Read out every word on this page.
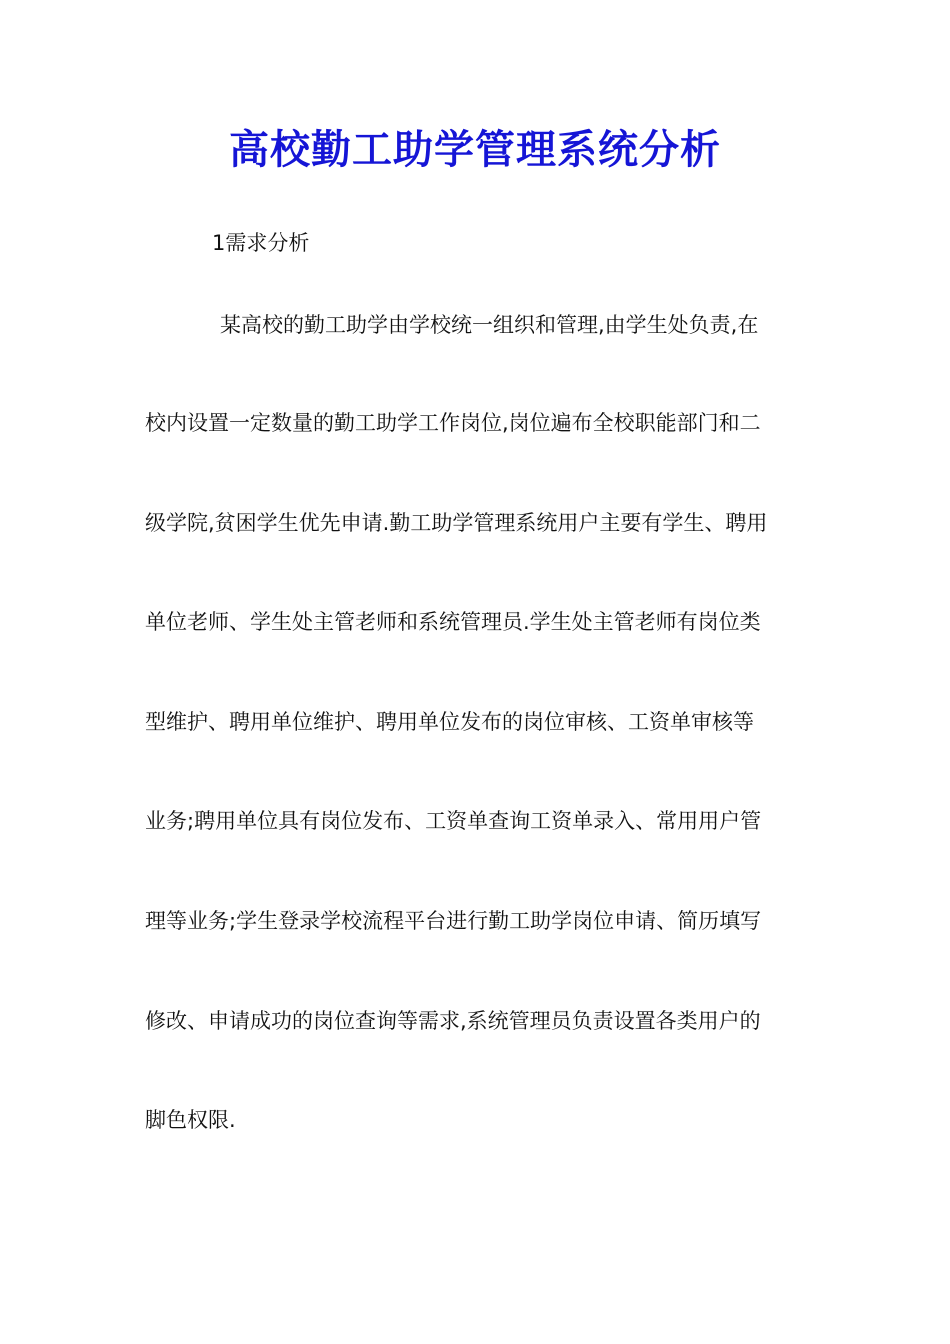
高校勤工助学管理系统分析
1需求分析
某高校的勤工助学由学校统一组织和管理,由学生处负责,在
校内设置一定数量的勤工助学工作岗位,岗位遍布全校职能部门和二
级学院,贫困学生优先申请.勤工助学管理系统用户主要有学生、聘用
单位老师、学生处主管老师和系统管理员.学生处主管老师有岗位类
型维护、聘用单位维护、聘用单位发布的岗位审核、工资单审核等
业务;聘用单位具有岗位发布、工资单查询工资单录入、常用用户管
理等业务;学生登录学校流程平台进行勤工助学岗位申请、简历填写
修改、申请成功的岗位查询等需求,系统管理员负责设置各类用户的
脚色权限.
